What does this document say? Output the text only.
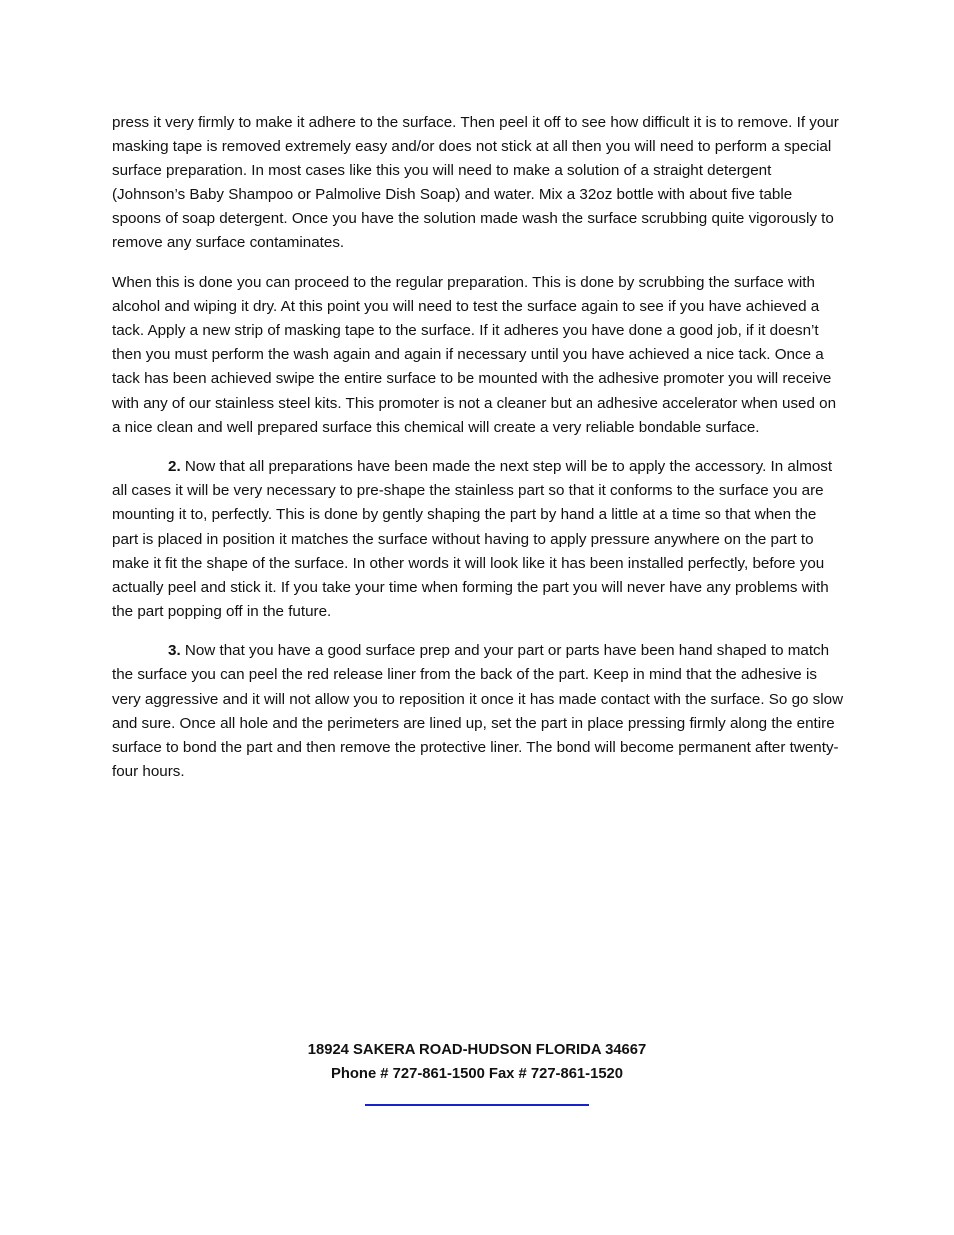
press it very firmly to make it adhere to the surface. Then peel it off to see how difficult it is to remove. If your masking tape is removed extremely easy and/or does not stick at all then you will need to perform a special surface preparation. In most cases like this you will need to make a solution of a straight detergent (Johnson’s Baby Shampoo or Palmolive Dish Soap) and water. Mix a 32oz bottle with about five table spoons of soap detergent. Once you have the solution made wash the surface scrubbing quite vigorously to remove any surface contaminates.

When this is done you can proceed to the regular preparation. This is done by scrubbing the surface with alcohol and wiping it dry. At this point you will need to test the surface again to see if you have achieved a tack. Apply a new strip of masking tape to the surface. If it adheres you have done a good job, if it doesn’t then you must perform the wash again and again if necessary until you have achieved a nice tack. Once a tack has been achieved swipe the entire surface to be mounted with the adhesive promoter you will receive with any of our stainless steel kits. This promoter is not a cleaner but an adhesive accelerator when used on a nice clean and well prepared surface this chemical will create a very reliable bondable surface.

2. Now that all preparations have been made the next step will be to apply the accessory. In almost all cases it will be very necessary to pre-shape the stainless part so that it conforms to the surface you are mounting it to, perfectly. This is done by gently shaping the part by hand a little at a time so that when the part is placed in position it matches the surface without having to apply pressure anywhere on the part to make it fit the shape of the surface. In other words it will look like it has been installed perfectly, before you actually peel and stick it. If you take your time when forming the part you will never have any problems with the part popping off in the future.

3. Now that you have a good surface prep and your part or parts have been hand shaped to match the surface you can peel the red release liner from the back of the part. Keep in mind that the adhesive is very aggressive and it will not allow you to reposition it once it has made contact with the surface. So go slow and sure. Once all hole and the perimeters are lined up, set the part in place pressing firmly along the entire surface to bond the part and then remove the protective liner. The bond will become permanent after twenty-four hours.

18924 SAKERA ROAD-HUDSON FLORIDA 34667
Phone # 727-861-1500 Fax # 727-861-1520
